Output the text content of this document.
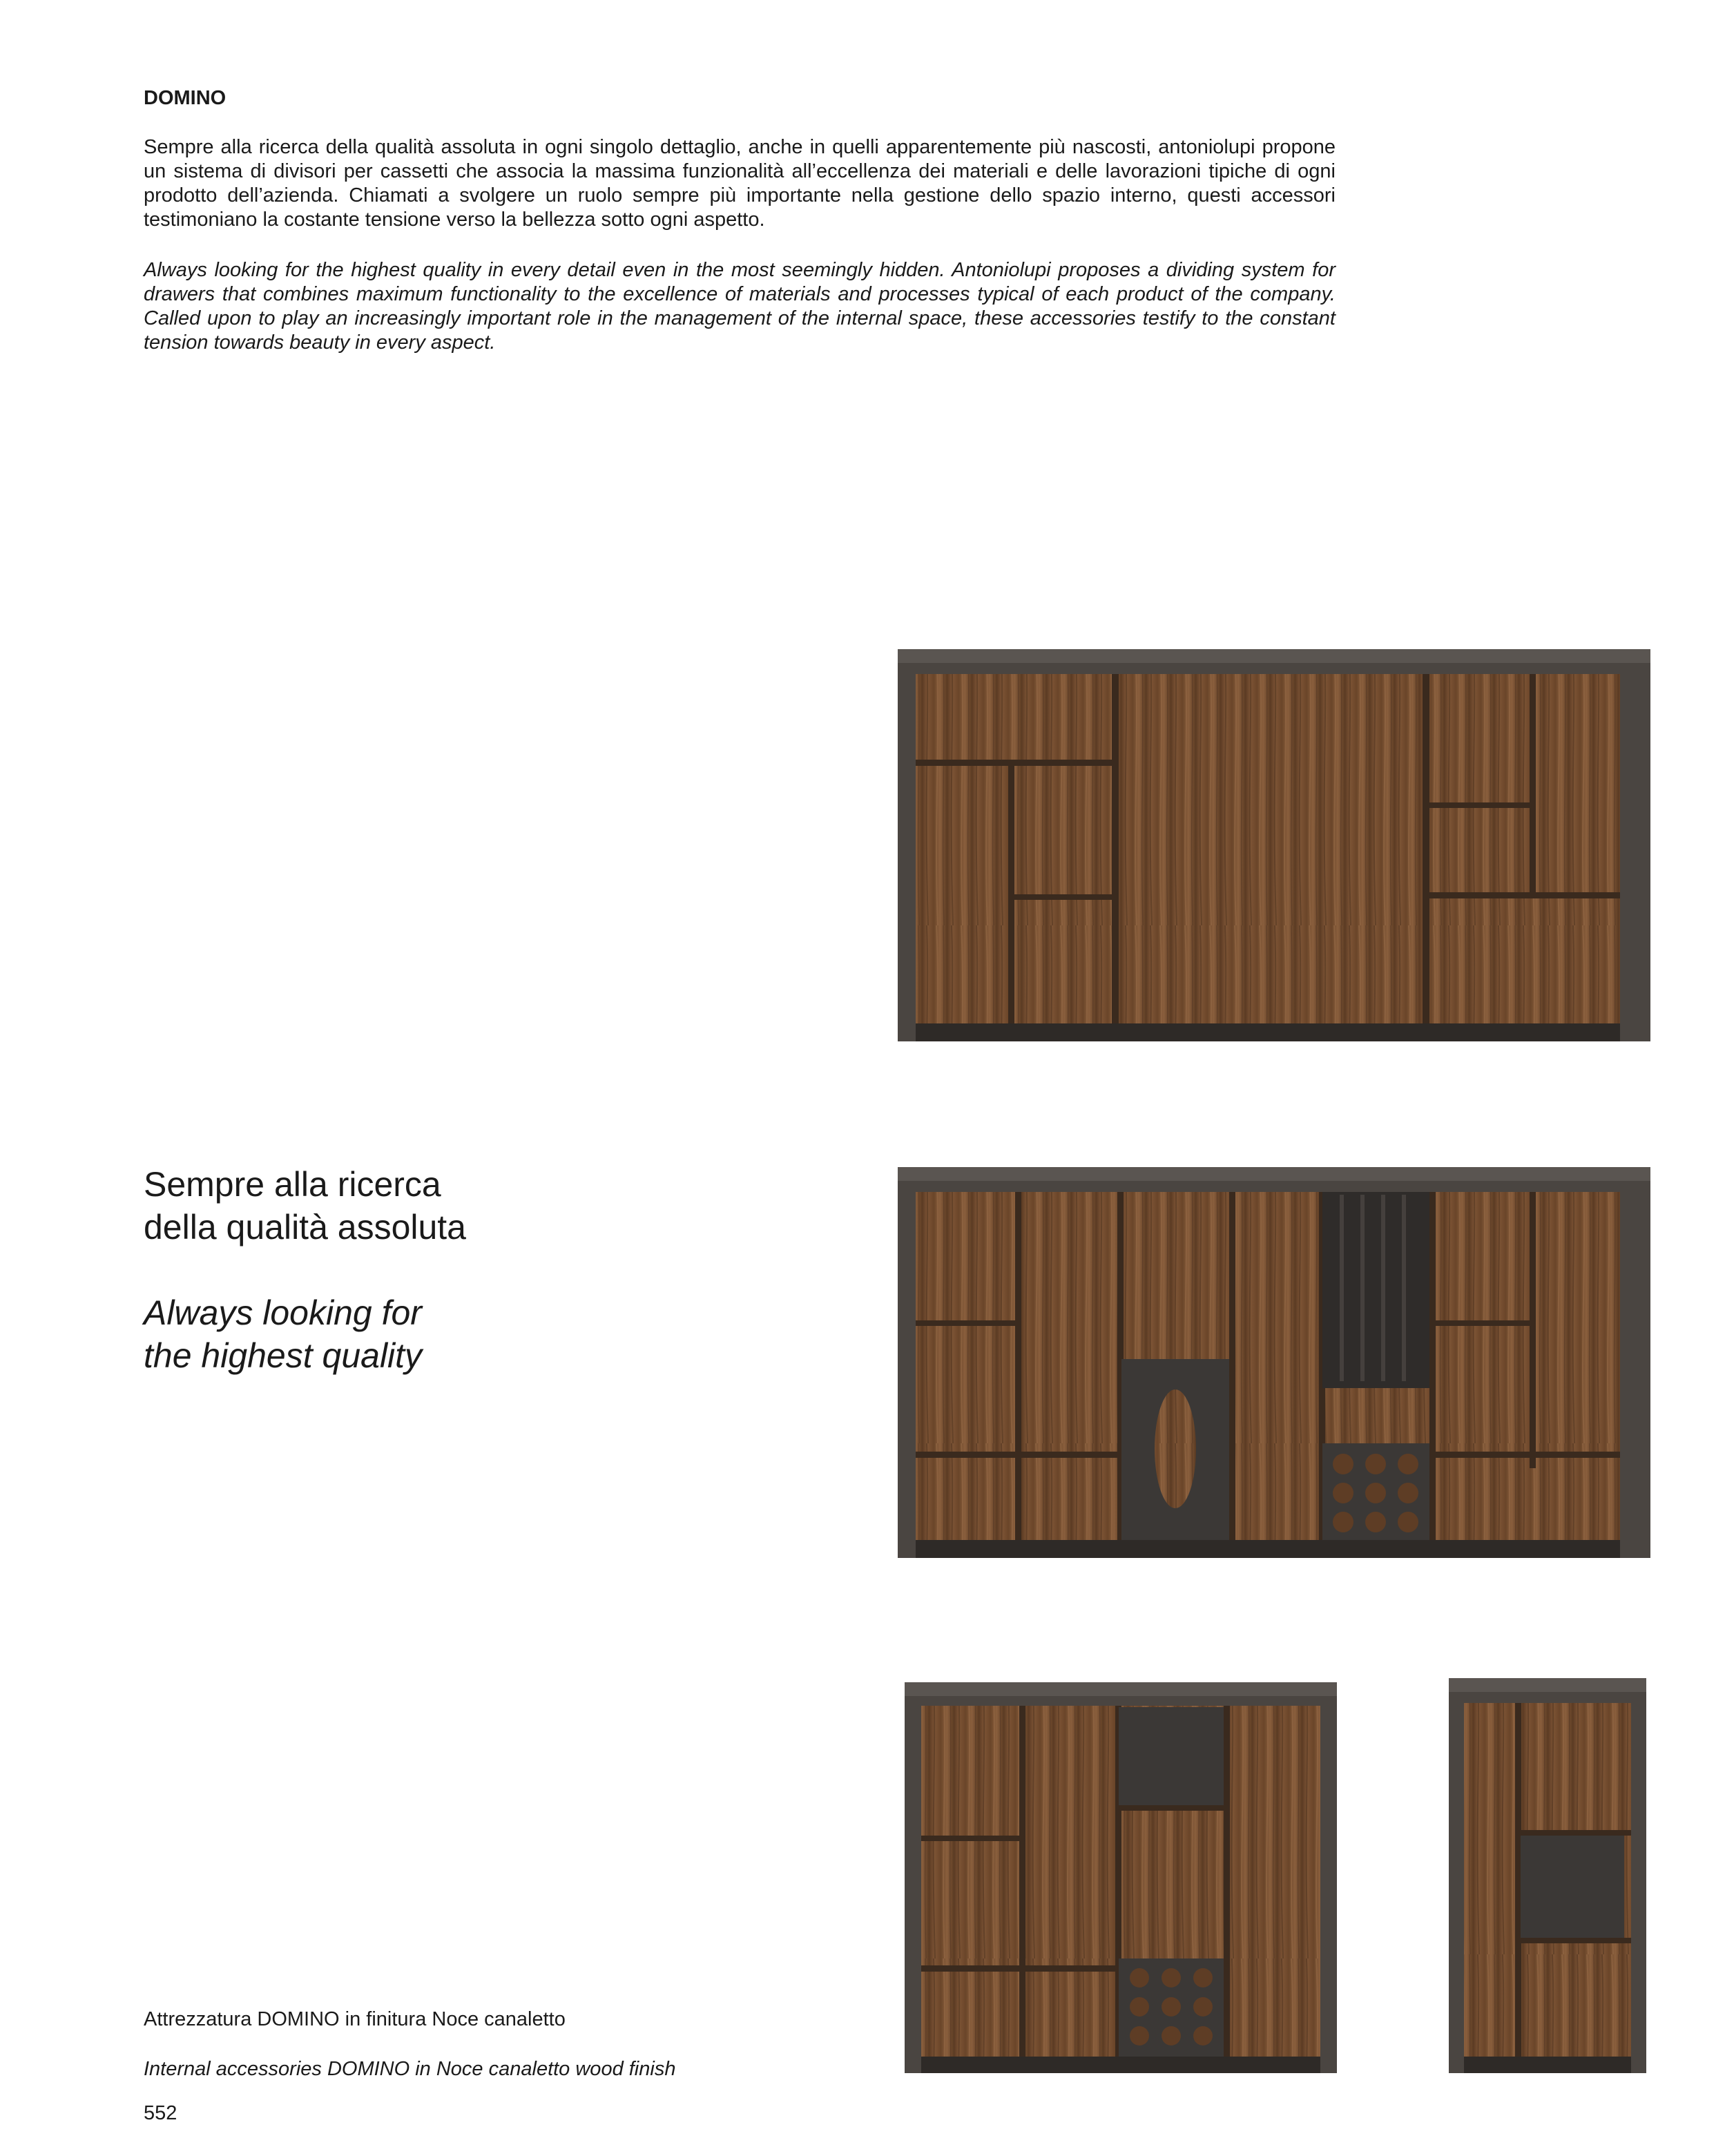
DOMINO

Sempre alla ricerca della qualità assoluta in ogni singolo dettaglio, anche in quelli apparentemente più nascosti, antoniolupi propone un sistema di divisori per cassetti che associa la massima funzionalità all’eccellenza dei materiali e delle lavorazioni tipiche di ogni prodotto dell’azienda. Chiamati a svolgere un ruolo sempre più importante nella gestione dello spazio interno, questi accessori testimoniano la costante tensione verso la bellezza sotto ogni aspetto.

Always looking for the highest quality in every detail even in the most seemingly hidden. Antoniolupi proposes a dividing system for drawers that combines maximum functionality to the excellence of materials and processes typical of each product of the company. Called upon to play an increasingly important role in the management of the internal space, these accessories testify to the constant tension towards beauty in every aspect.

Sempre alla ricerca
della qualità assoluta
Always looking for
the highest quality
Attrezzatura DOMINO in finitura Noce canaletto
Internal accessories DOMINO in Noce canaletto wood finish
552
